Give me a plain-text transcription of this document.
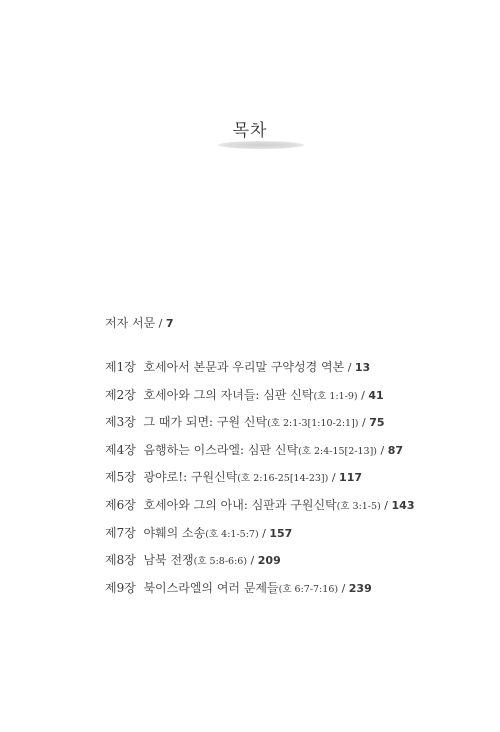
목차
저자 서문 / 7
제1장 호세아서 본문과 우리말 구약성경 역본 / 13
제2장 호세아와 그의 자녀들: 심판 신탁(호 1:1-9) / 41
제3장 그 때가 되면: 구원 신탁(호 2:1-3[1:10-2:1]) / 75
제4장 음행하는 이스라엘: 심판 신탁(호 2:4-15[2-13]) / 87
제5장 광야로!: 구원신탁(호 2:16-25[14-23]) / 117
제6장 호세아와 그의 아내: 심판과 구원신탁(호 3:1-5) / 143
제7장 야훼의 소송(호 4:1-5:7) / 157
제8장 남북 전쟁(호 5:8-6:6) / 209
제9장 북이스라엘의 여러 문제들(호 6:7-7:16) / 239
